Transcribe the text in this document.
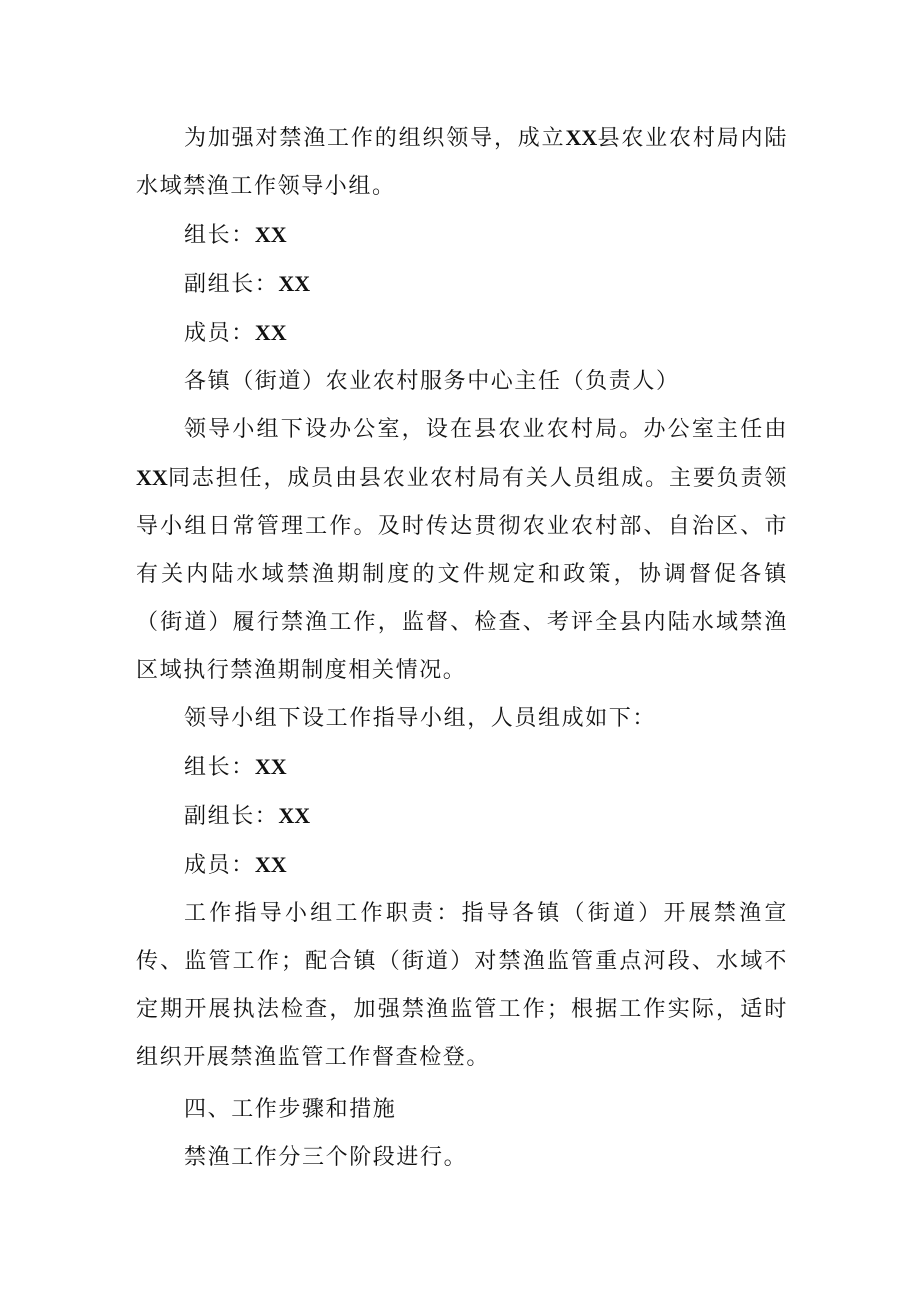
为加强对禁渔工作的组织领导，成立XX县农业农村局内陆水域禁渔工作领导小组。

组长：XX

副组长：XX

成员：XX

各镇（街道）农业农村服务中心主任（负责人）

领导小组下设办公室，设在县农业农村局。办公室主任由XX同志担任，成员由县农业农村局有关人员组成。主要负责领导小组日常管理工作。及时传达贯彻农业农村部、自治区、市有关内陆水域禁渔期制度的文件规定和政策，协调督促各镇（街道）履行禁渔工作，监督、检查、考评全县内陆水域禁渔区域执行禁渔期制度相关情况。

领导小组下设工作指导小组，人员组成如下：

组长：XX

副组长：XX

成员：XX

工作指导小组工作职责：指导各镇（街道）开展禁渔宣传、监管工作；配合镇（街道）对禁渔监管重点河段、水域不定期开展执法检查，加强禁渔监管工作；根据工作实际，适时组织开展禁渔监管工作督查检登。

四、工作步骤和措施

禁渔工作分三个阶段进行。
